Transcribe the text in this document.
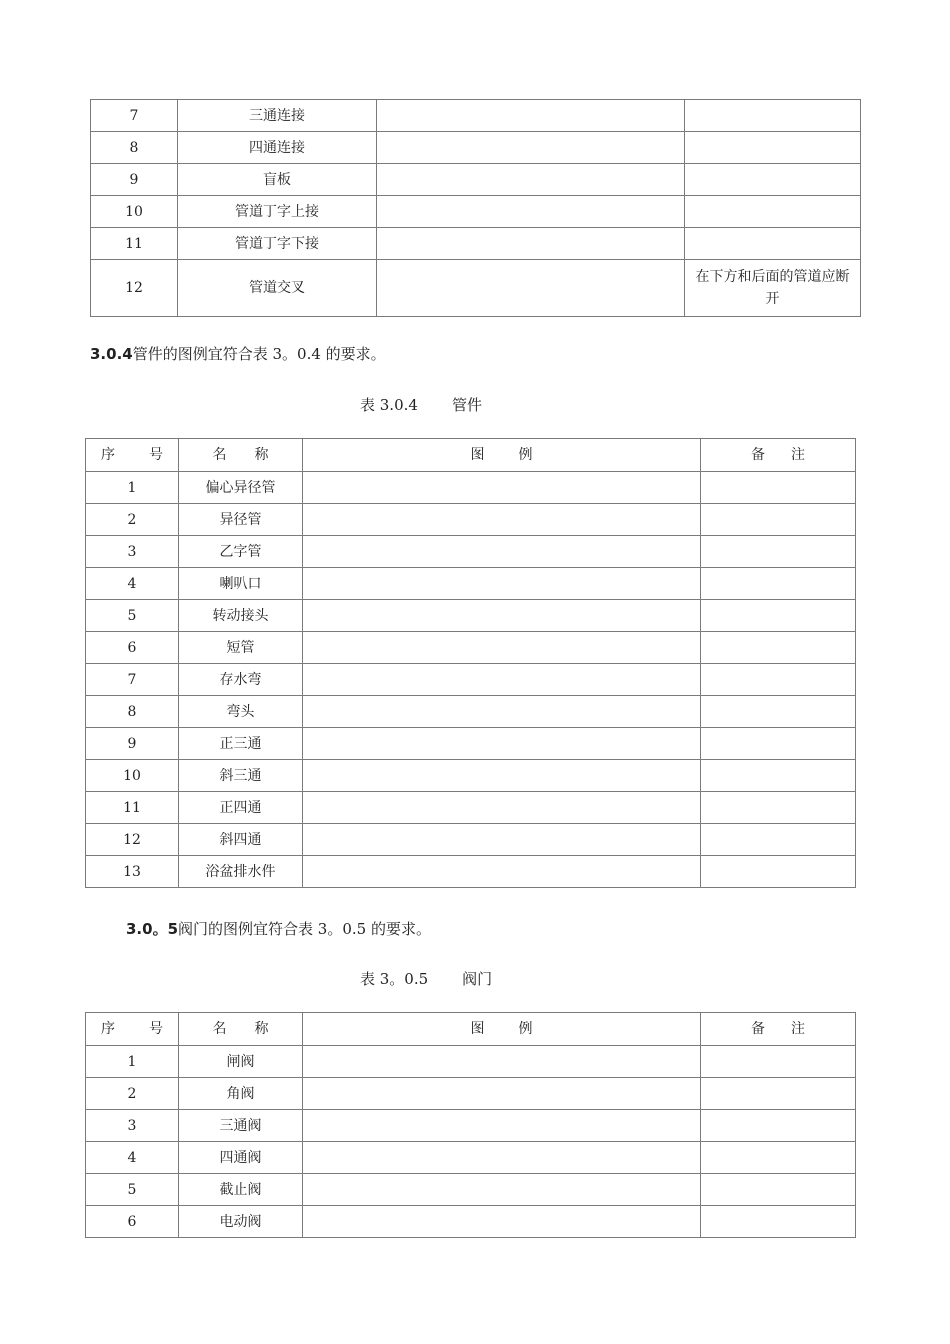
7	三通连接		
8	四通连接		
9	盲板		
10	管道丁字上接		
11	管道丁字下接		
12	管道交叉		在下方和后面的管道应断开
3.0.4管件的图例宜符合表 3。0.4 的要求。
表 3.0.4 管件
序 号	名 称	图 例	备 注
1	偏心异径管		
2	异径管		
3	乙字管		
4	喇叭口		
5	转动接头		
6	短管		
7	存水弯		
8	弯头		
9	正三通		
10	斜三通		
11	正四通		
12	斜四通		
13	浴盆排水件		
3.0。5阀门的图例宜符合表 3。0.5 的要求。
表 3。0.5 阀门
序 号	名 称	图 例	备 注
1	闸阀		
2	角阀		
3	三通阀		
4	四通阀		
5	截止阀		
6	电动阀		
